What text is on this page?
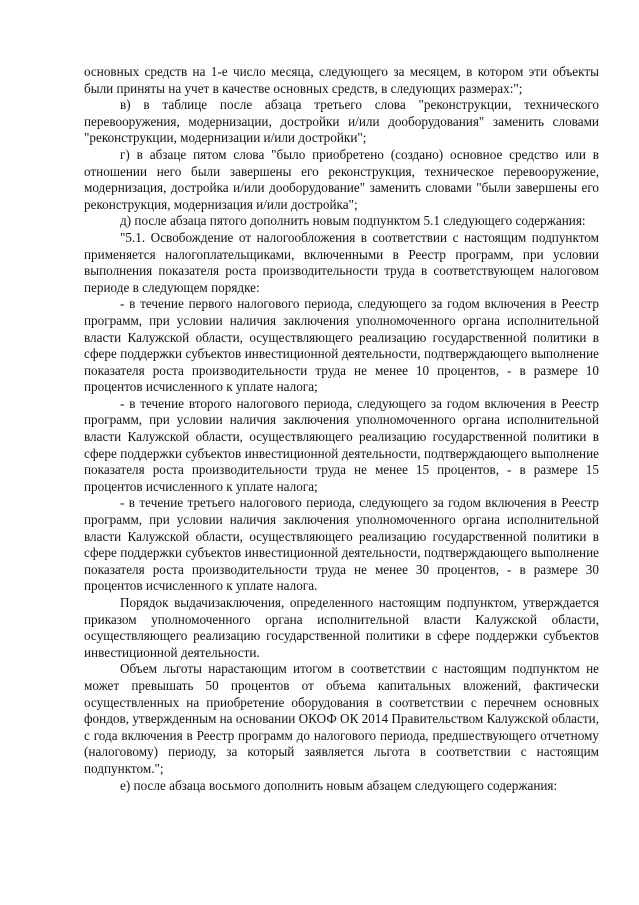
основных средств на 1-е число месяца, следующего за месяцем, в котором эти объекты были приняты на учет в качестве основных средств, в следующих размерах:";

в) в таблице после абзаца третьего слова "реконструкции, технического перевооружения, модернизации, достройки и/или дооборудования" заменить словами "реконструкции, модернизации и/или достройки";

г) в абзаце пятом слова "было приобретено (создано) основное средство или в отношении него были завершены его реконструкция, техническое перевооружение, модернизация, достройка и/или дооборудование" заменить словами "были завершены его реконструкция, модернизация и/или достройка";

д) после абзаца пятого дополнить новым подпунктом 5.1 следующего содержания:

"5.1. Освобождение от налогообложения в соответствии с настоящим подпунктом применяется налогоплательщиками, включенными в Реестр программ, при условии выполнения показателя роста производительности труда в соответствующем налоговом периоде в следующем порядке:

- в течение первого налогового периода, следующего за годом включения в Реестр программ, при условии наличия заключения уполномоченного органа исполнительной власти Калужской области, осуществляющего реализацию государственной политики в сфере поддержки субъектов инвестиционной деятельности, подтверждающего выполнение показателя роста производительности труда не менее 10 процентов, - в размере 10 процентов исчисленного к уплате налога;

- в течение второго налогового периода, следующего за годом включения в Реестр программ, при условии наличия заключения уполномоченного органа исполнительной власти Калужской области, осуществляющего реализацию государственной политики в сфере поддержки субъектов инвестиционной деятельности, подтверждающего выполнение показателя роста производительности труда не менее 15 процентов, - в размере 15 процентов исчисленного к уплате налога;

- в течение третьего налогового периода, следующего за годом включения в Реестр программ, при условии наличия заключения уполномоченного органа исполнительной власти Калужской области, осуществляющего реализацию государственной политики в сфере поддержки субъектов инвестиционной деятельности, подтверждающего выполнение показателя роста производительности труда не менее 30 процентов, - в размере 30 процентов исчисленного к уплате налога.

Порядок выдачизаключения, определенного настоящим подпунктом, утверждается приказом уполномоченного органа исполнительной власти Калужской области, осуществляющего реализацию государственной политики в сфере поддержки субъектов инвестиционной деятельности.

Объем льготы нарастающим итогом в соответствии с настоящим подпунктом не может превышать 50 процентов от объема капитальных вложений, фактически осуществленных на приобретение оборудования в соответствии с перечнем основных фондов, утвержденным на основании ОКОФ ОК 2014 Правительством Калужской области, с года включения в Реестр программ до налогового периода, предшествующего отчетному (налоговому) периоду, за который заявляется льгота в соответствии с настоящим подпунктом.";

е) после абзаца восьмого дополнить новым абзацем следующего содержания:
